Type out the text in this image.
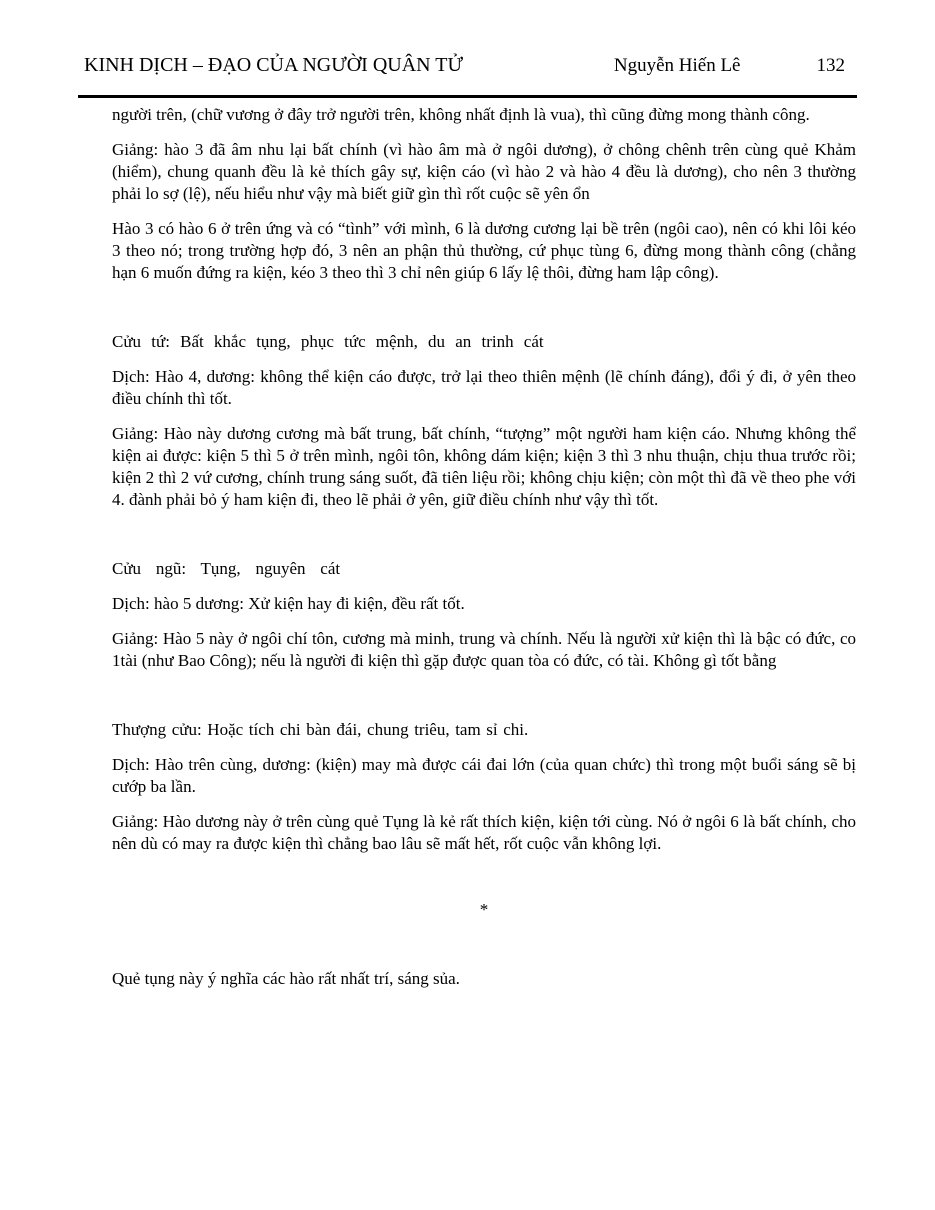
KINH DỊCH – ĐẠO CỦA NGƯỜI QUÂN TỬ	Nguyễn Hiến Lê	132

người trên, (chữ vương ở đây trở người trên, không nhất định là vua), thì cũng đừng mong thành công.

Giảng: hào 3 đã âm nhu lại bất chính (vì hào âm mà ở ngôi dương), ở chông chênh trên cùng quẻ Khảm (hiểm), chung quanh đều là kẻ thích gây sự, kiện cáo (vì hào 2 và hào 4 đều là dương), cho nên 3 thường phải lo sợ (lệ), nếu hiểu như vậy mà biết giữ gìn thì rốt cuộc sẽ yên ổn

Hào 3 có hào 6 ở trên ứng và có “tình” với mình, 6 là dương cương lại bề trên (ngôi cao), nên có khi lôi kéo 3 theo nó; trong trường hợp đó, 3 nên an phận thủ thường, cứ phục tùng 6, đừng mong thành công (chẳng hạn 6 muốn đứng ra kiện, kéo 3 theo thì 3 chỉ nên giúp 6 lấy lệ thôi, đừng ham lập công).

Cửu tứ: Bất khắc tụng, phục tức mệnh, du an trinh cát

Dịch: Hào 4, dương: không thể kiện cáo được, trở lại theo thiên mệnh (lẽ chính đáng), đổi ý đi, ở yên theo điều chính thì tốt.

Giảng: Hào này dương cương mà bất trung, bất chính, “tượng” một người ham kiện cáo. Nhưng không thể kiện ai được: kiện 5 thì 5 ở trên mình, ngôi tôn, không dám kiện; kiện 3 thì 3 nhu thuận, chịu thua trước rồi; kiện 2 thì 2 vứ cương, chính trung sáng suốt, đã tiên liệu rồi; không chịu kiện; còn một thì đã về theo phe với 4. đành phải bỏ ý ham kiện đi, theo lẽ phải ở yên, giữ điều chính như vậy thì tốt.

Cửu ngũ: Tụng, nguyên cát

Dịch: hào 5 dương: Xử kiện hay đi kiện, đều rất tốt.

Giảng: Hào 5 này ở ngôi chí tôn, cương mà minh, trung và chính. Nếu là người xử kiện thì là bậc có đức, co 1tài (như Bao Công); nếu là người đi kiện thì gặp được quan tòa có đức, có tài. Không gì tốt bằng

Thượng cửu: Hoặc tích chi bàn đái, chung triêu, tam sỉ chi.

Dịch: Hào trên cùng, dương: (kiện) may mà được cái đai lớn (của quan chức) thì trong một buổi sáng sẽ bị cướp ba lần.

Giảng: Hào dương này ở trên cùng quẻ Tụng là kẻ rất thích kiện, kiện tới cùng. Nó ở ngôi 6 là bất chính, cho nên dù có may ra được kiện thì chẳng bao lâu sẽ mất hết, rốt cuộc vẫn không lợi.

*

Quẻ tụng này ý nghĩa các hào rất nhất trí, sáng sủa.
